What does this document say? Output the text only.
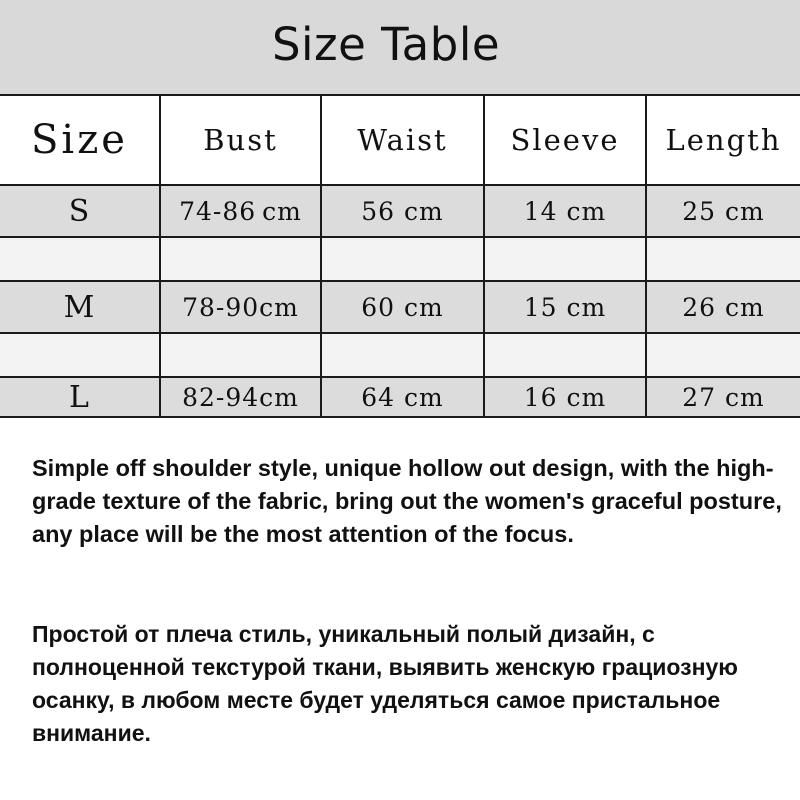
Size Table
Size	Bust	Waist	Sleeve	Length
S	74-86 cm	56 cm	14 cm	25 cm

M	78-90cm	60 cm	15 cm	26 cm

L	82-94cm	64 cm	16 cm	27 cm

Simple off shoulder style, unique hollow out design, with the high-grade texture of the fabric, bring out the women's graceful posture, any place will be the most attention of the focus.

Простой от плеча стиль, уникальный полый дизайн, с полноценной текстурой ткани, выявить женскую грациозную осанку, в любом месте будет уделяться самое пристальное внимание.
